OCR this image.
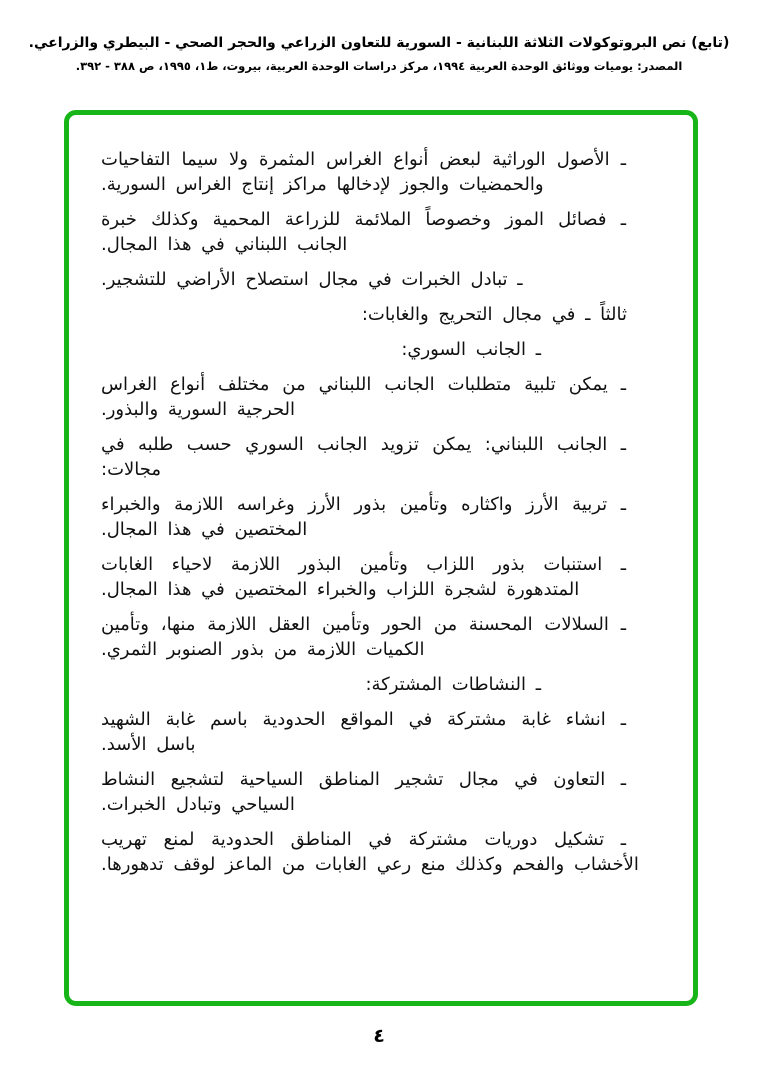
(تابع) نص البروتوكولات الثلاثة اللبنانية - السورية للتعاون الزراعي والحجر الصحي - البيطري والزراعي.
المصدر: يوميات ووثائق الوحدة العربية ١٩٩٤، مركز دراسات الوحدة العربية، بيروت، ط١، ١٩٩٥، ص ٣٨٨ - ٣٩٢.

ـ الأصول الوراثية لبعض أنواع الغراس المثمرة ولا سيما التفاحيات والحمضيات والجوز لإدخالها مراكز إنتاج الغراس السورية.

ـ فصائل الموز وخصوصاً الملائمة للزراعة المحمية وكذلك خبرة الجانب اللبناني في هذا المجال.

ـ تبادل الخبرات في مجال استصلاح الأراضي للتشجير.

ثالثاً ـ في مجال التحريج والغابات:

ـ الجانب السوري:

ـ يمكن تلبية متطلبات الجانب اللبناني من مختلف أنواع الغراس الحرجية السورية والبذور.

ـ الجانب اللبناني: يمكن تزويد الجانب السوري حسب طلبه في مجالات:

ـ تربية الأرز واكثاره وتأمين بذور الأرز وغراسه اللازمة والخبراء المختصين في هذا المجال.

ـ استنبات بذور اللزاب وتأمين البذور اللازمة لاحياء الغابات المتدهورة لشجرة اللزاب والخبراء المختصين في هذا المجال.

ـ السلالات المحسنة من الحور وتأمين العقل اللازمة منها، وتأمين الكميات اللازمة من بذور الصنوبر الثمري.

ـ النشاطات المشتركة:

ـ انشاء غابة مشتركة في المواقع الحدودية باسم غابة الشهيد باسل الأسد.

ـ التعاون في مجال تشجير المناطق السياحية لتشجيع النشاط السياحي وتبادل الخبرات.

ـ تشكيل دوريات مشتركة في المناطق الحدودية لمنع تهريب الأخشاب والفحم وكذلك منع رعي الغابات من الماعز لوقف تدهورها.

٤
